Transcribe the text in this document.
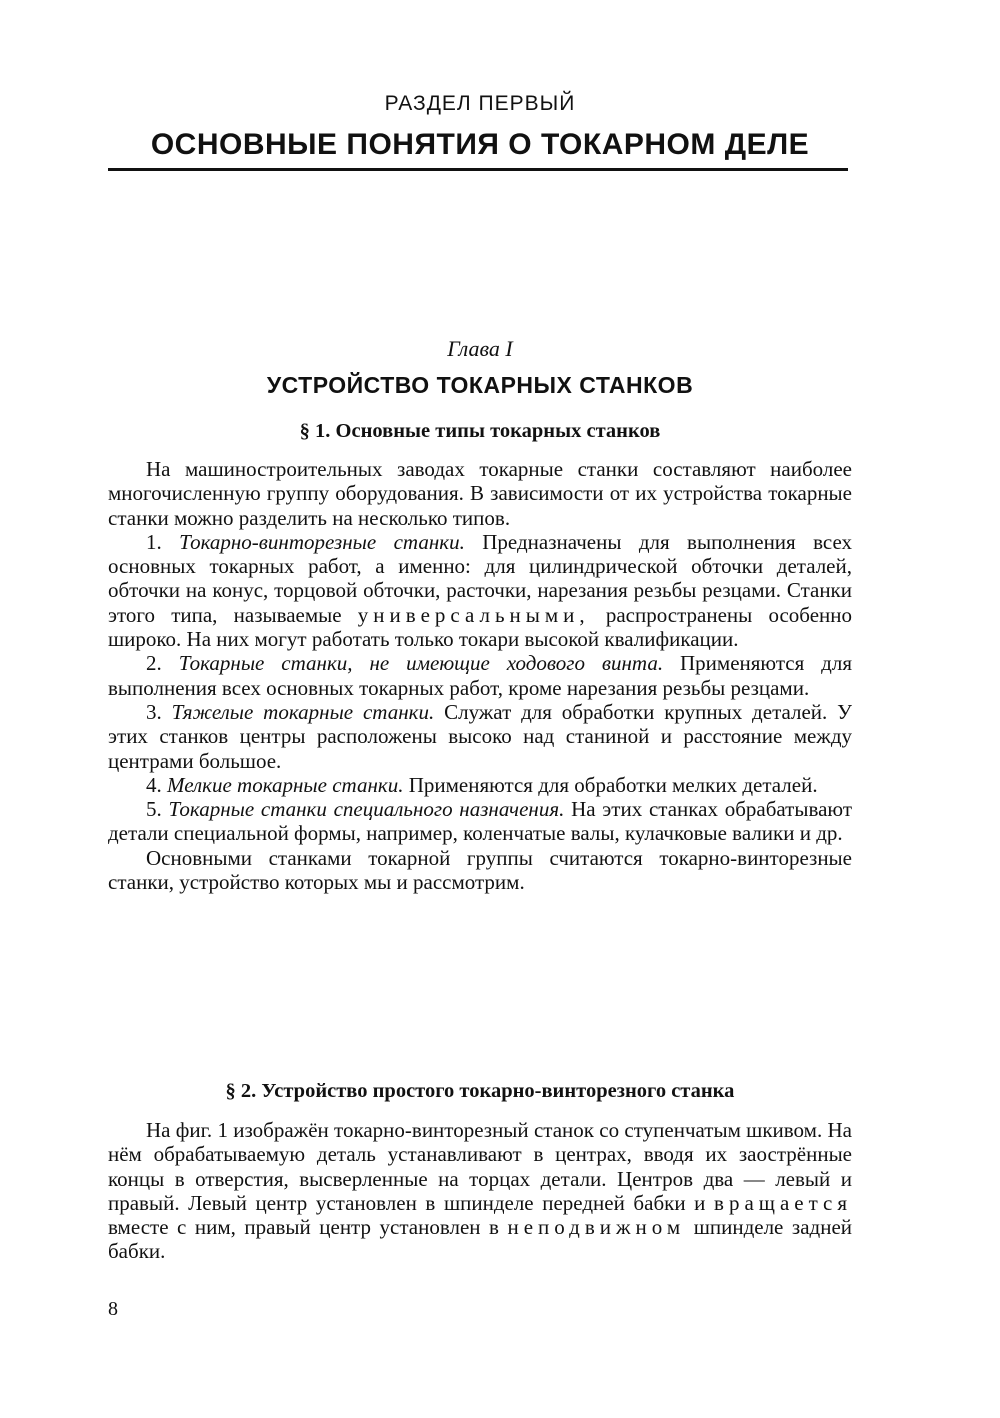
РАЗДЕЛ ПЕРВЫЙ
ОСНОВНЫЕ ПОНЯТИЯ О ТОКАРНОМ ДЕЛЕ
Глава I
УСТРОЙСТВО ТОКАРНЫХ СТАНКОВ
§ 1. Основные типы токарных станков

На машиностроительных заводах токарные станки составляют наиболее многочисленную группу оборудования. В зависимости от их устройства токарные станки можно разделить на несколько типов.

1. Токарно-винторезные станки. Предназначены для выполнения всех основных токарных работ, а именно: для цилиндрической обточки деталей, обточки на конус, торцовой обточки, расточки, нарезания резьбы резцами. Станки этого типа, называемые универсальными, распространены особенно широко. На них могут работать только токари высокой квалификации.

2. Токарные станки, не имеющие ходового винта. Применяются для выполнения всех основных токарных работ, кроме нарезания резьбы резцами.

3. Тяжелые токарные станки. Служат для обработки крупных деталей. У этих станков центры расположены высоко над станиной и расстояние между центрами большое.

4. Мелкие токарные станки. Применяются для обработки мелких деталей.

5. Токарные станки специального назначения. На этих станках обрабатывают детали специальной формы, например, коленчатые валы, кулачковые валики и др.

Основными станками токарной группы считаются токарно-винторезные станки, устройство которых мы и рассмотрим.

§ 2. Устройство простого токарно-винторезного станка

На фиг. 1 изображён токарно-винторезный станок со ступенчатым шкивом. На нём обрабатываемую деталь устанавливают в центрах, вводя их заострённые концы в отверстия, высверленные на торцах детали. Центров два — левый и правый. Левый центр установлен в шпинделе передней бабки и вращается вместе с ним, правый центр установлен в неподвижном шпинделе задней бабки.

8
